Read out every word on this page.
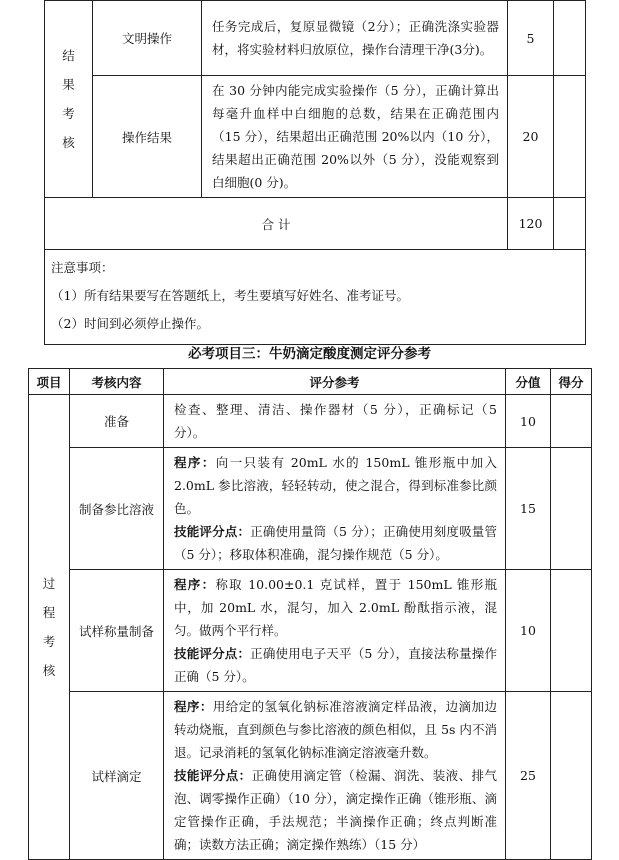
结
果
考
核	文明操作	任务完成后，复原显微镜（2分）；正确洗涤实验器材，将实验材料归放原位，操作台清理干净(3分)。	5	
	操作结果	在 30 分钟内能完成实验操作（5 分），正确计算出每毫升血样中白细胞的总数，结果在正确范围内（15 分），结果超出正确范围 20%以内（10 分），结果超出正确范围 20%以外（5 分），没能观察到白细胞(0 分)。	20	
合 计			120	

注意事项：
（1）所有结果要写在答题纸上，考生要填写好姓名、准考证号。
（2）时间到必须停止操作。				
必考项目三：牛奶滴定酸度测定评分参考
项目	考核内容	评分参考	分值	得分

过
程
考
核	准备	检查、整理、清洁、操作器材（5 分），正确标记（5 分）。	10	
	制备参比溶液	程序：向一只装有 20mL 水的 150mL 锥形瓶中加入 2.0mL 参比溶液，轻轻转动，使之混合，得到标准参比颜色。
技能评分点：正确使用量筒（5 分）；正确使用刻度吸量管（5 分）；移取体积准确，混匀操作规范（5 分）。	15	
	试样称量制备	程序：称取 10.00±0.1 克试样，置于 150mL 锥形瓶中，加 20mL 水，混匀，加入 2.0mL 酚酞指示液，混匀。做两个平行样。
技能评分点：正确使用电子天平（5 分），直接法称量操作正确（5 分）。	10	
	试样滴定	程序：用给定的氢氧化钠标准溶液滴定样品液，边滴加边转动烧瓶，直到颜色与参比溶液的颜色相似，且 5s 内不消退。记录消耗的氢氧化钠标准滴定溶液毫升数。
技能评分点：正确使用滴定管（检漏、润洗、装液、排气泡、调零操作正确）（10 分），滴定操作正确（锥形瓶、滴定管操作正确，手法规范；半滴操作正确；终点判断准确；读数方法正确；滴定操作熟练）（15 分）	25	
